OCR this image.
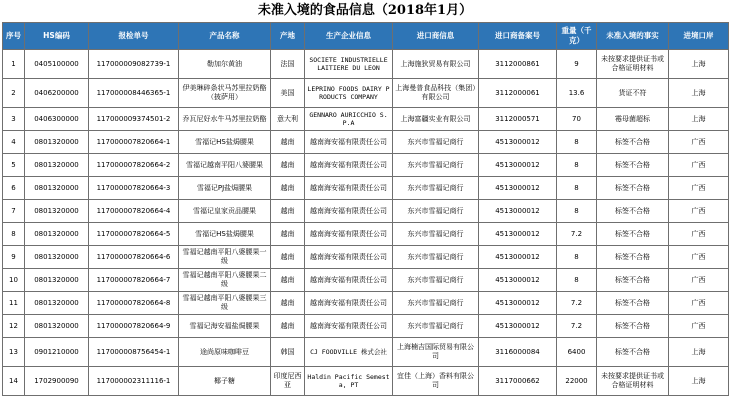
未准入境的食品信息（2018年1月）
序号	HS编码	报检单号	产品名称	产地	生产企业信息	进口商信息	进口商备案号	重量（千克）	未准入境的事实	进境口岸
1	0405100000	117000009082739-1	勒加尔黄油	法国	SOCIETE INDUSTRIELLE LAITIERE DU LEON	上海施狄贸易有限公司	3112000861	9	未按要求提供证书或合格证明材料	上海
2	0406200000	117000008446365-1	伊美琳碎条状马苏里拉奶酪（披萨用）	美国	LEPRINO FOODS DAIRY PRODUCTS COMPANY	上海曼普食品科技（集团）有限公司	3112000061	13.6	货证不符	上海
3	0406300000	117000009374501-2	乔瓦尼好水牛马苏里拉奶酪	意大利	GENNARO AURICCHIO S.P.A	上海富疆实业有限公司	3112000571	70	霉母菌超标	上海
4	0801320000	117000007820664-1	雪福记HS盐焗腰果	越南	越南海安福有限责任公司	东兴市雪福记商行	4513000012	8	标签不合格	广西
5	0801320000	117000007820664-2	雪福记越南平阳八婆腰果	越南	越南海安福有限责任公司	东兴市雪福记商行	4513000012	8	标签不合格	广西
6	0801320000	117000007820664-3	雪福记PJ盐焗腰果	越南	越南海安福有限责任公司	东兴市雪福记商行	4513000012	8	标签不合格	广西
7	0801320000	117000007820664-4	雪福记皇家贡品腰果	越南	越南海安福有限责任公司	东兴市雪福记商行	4513000012	8	标签不合格	广西
8	0801320000	117000007820664-5	雪福记HS盐焗腰果	越南	越南海安福有限责任公司	东兴市雪福记商行	4513000012	7.2	标签不合格	广西
9	0801320000	117000007820664-6	雪福记越南平阳八婆腰果一级	越南	越南海安福有限责任公司	东兴市雪福记商行	4513000012	8	标签不合格	广西
10	0801320000	117000007820664-7	雪福记越南平阳八婆腰果二级	越南	越南海安福有限责任公司	东兴市雪福记商行	4513000012	8	标签不合格	广西
11	0801320000	117000007820664-8	雪福记越南平阳八婆腰果三级	越南	越南海安福有限责任公司	东兴市雪福记商行	4513000012	7.2	标签不合格	广西
12	0801320000	117000007820664-9	雪福记海安福盐焗腰果	越南	越南海安福有限责任公司	东兴市雪福记商行	4513000012	7.2	标签不合格	广西
13	0901210000	117000008756454-1	途尚原味咖啡豆	韩国	CJ FOODVILLE 株式会社	上海楠吉国际贸易有限公司	3116000084	6400	标签不合格	上海
14	1702900090	117000002311116-1	椰子糖	印度尼西亚	Haldin Pacific Semesta, PT	宜佳（上海）香料有限公司	3117000662	22000	未按要求提供证书或合格证明材料	上海
